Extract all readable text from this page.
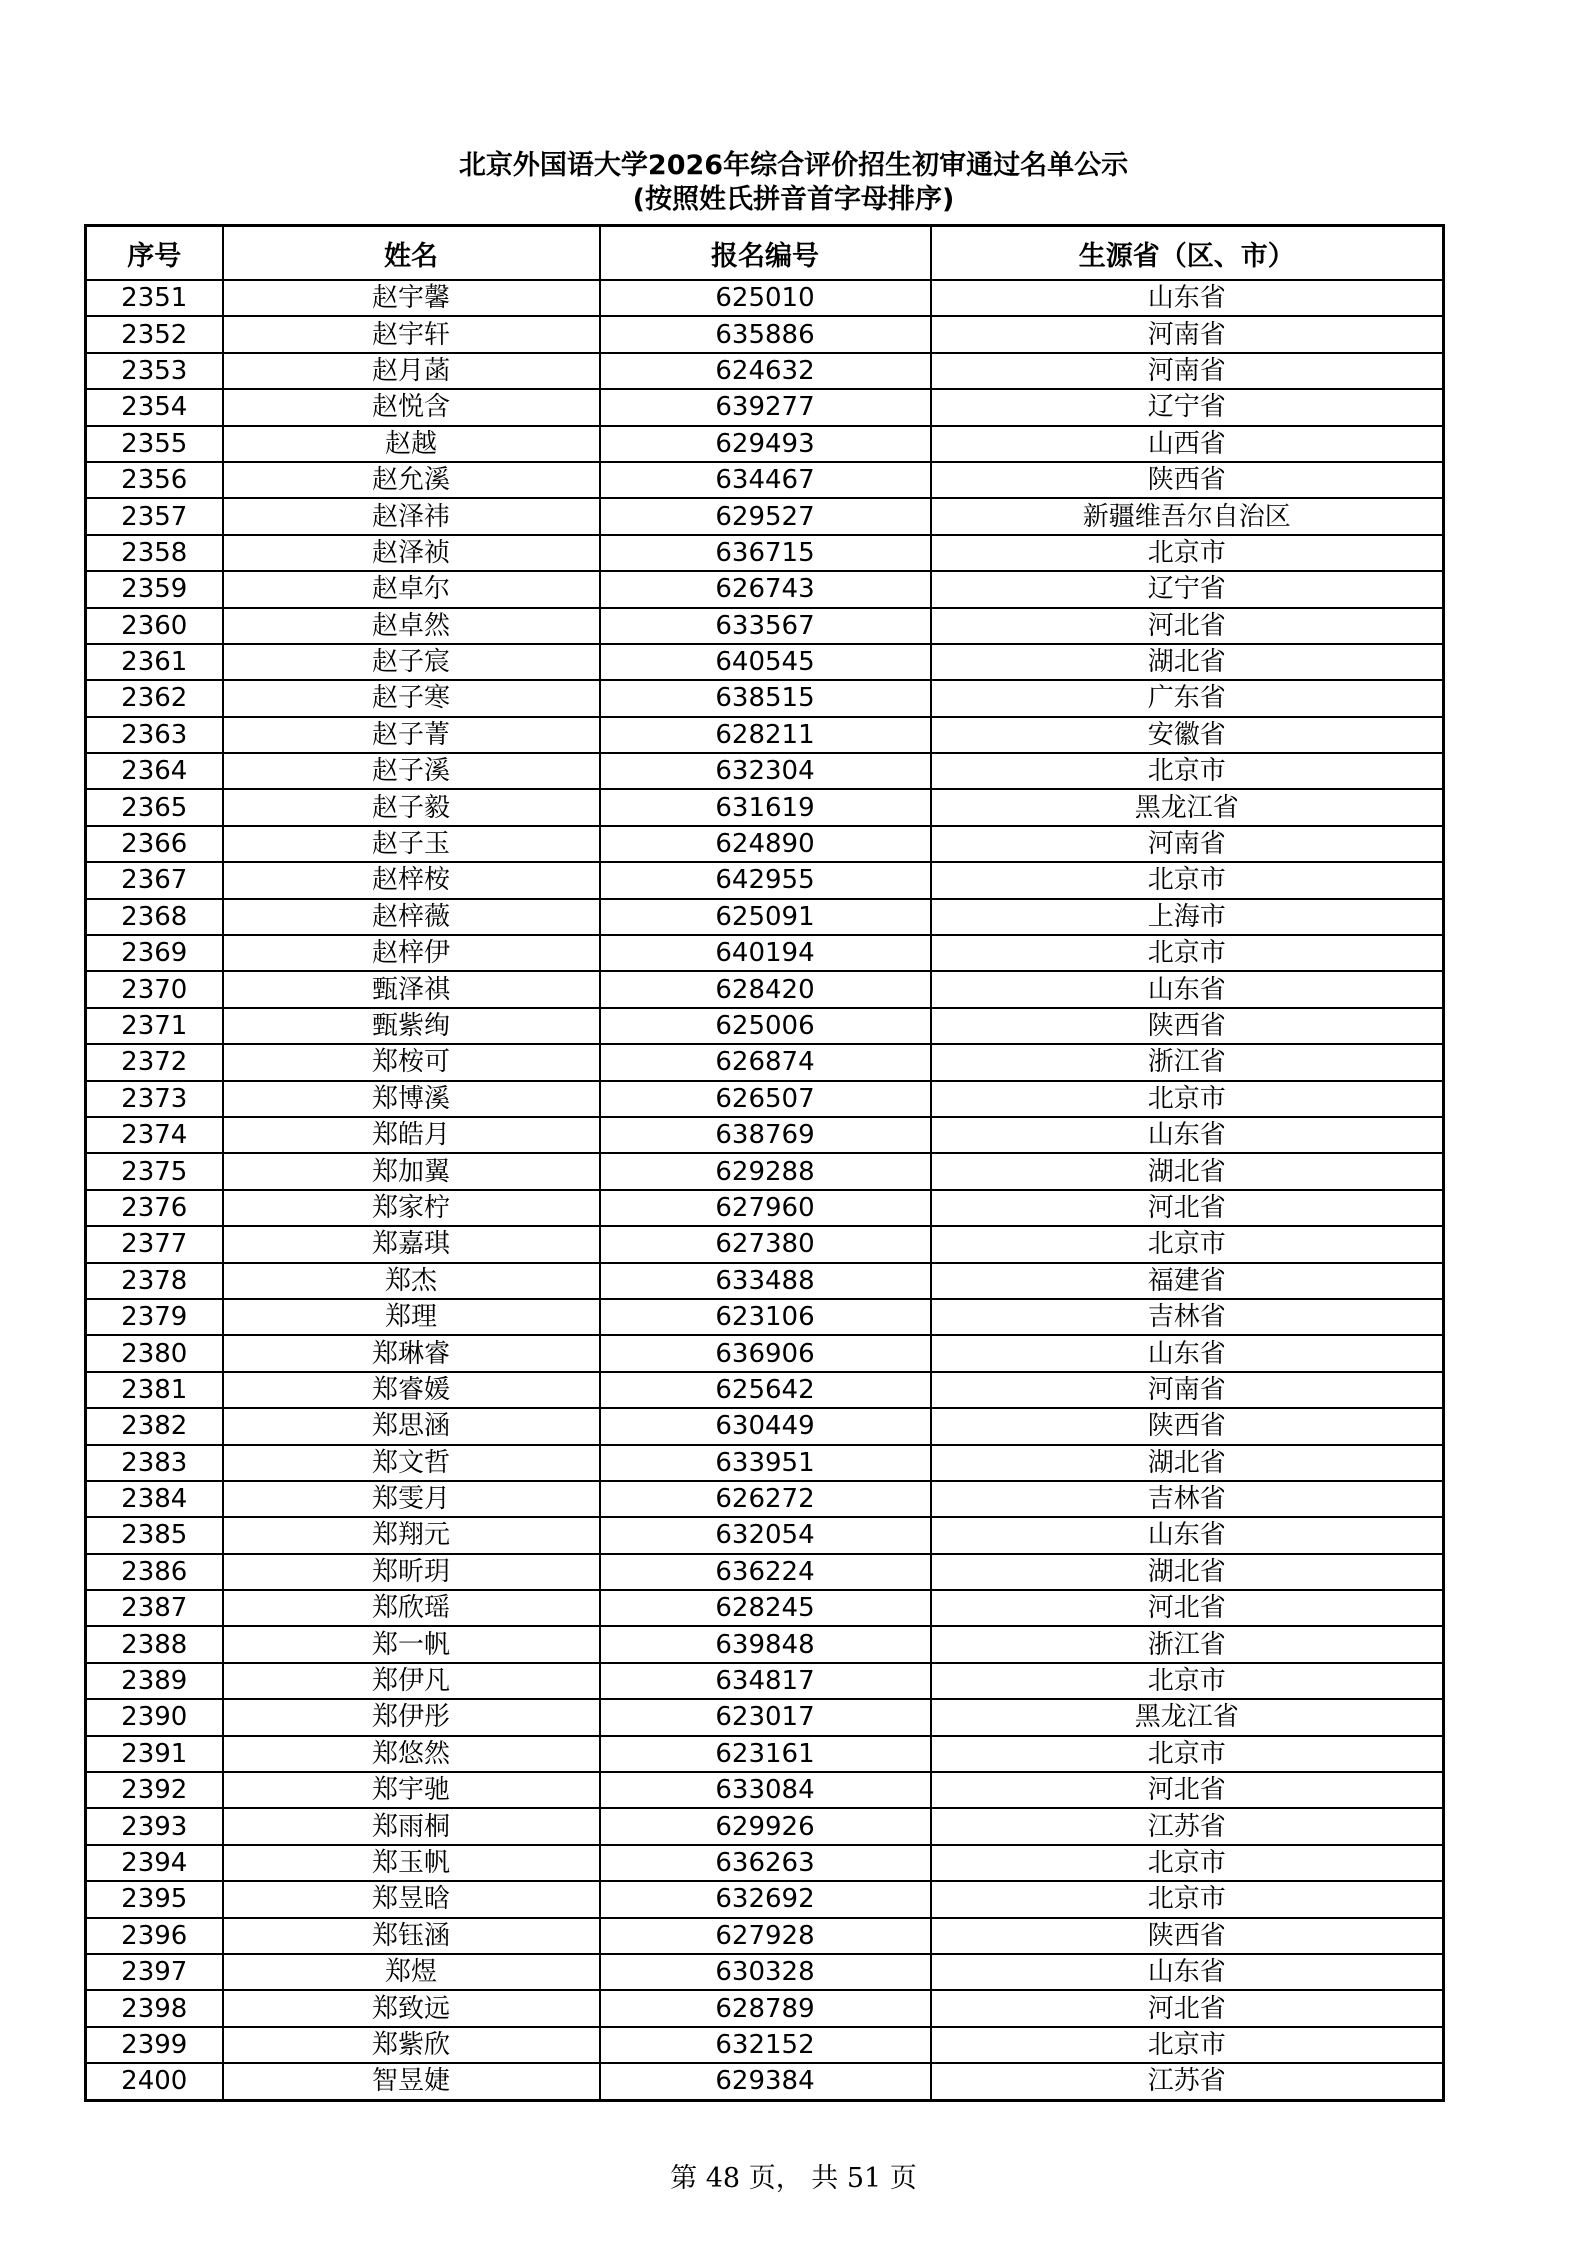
北京外国语大学2026年综合评价招生初审通过名单公示
(按照姓氏拼音首字母排序)
序号	姓名	报名编号	生源省（区、市）
2351	赵宇馨	625010	山东省
2352	赵宇轩	635886	河南省
2353	赵月菡	624632	河南省
2354	赵悦含	639277	辽宁省
2355	赵越	629493	山西省
2356	赵允溪	634467	陕西省
2357	赵泽祎	629527	新疆维吾尔自治区
2358	赵泽祯	636715	北京市
2359	赵卓尔	626743	辽宁省
2360	赵卓然	633567	河北省
2361	赵子宸	640545	湖北省
2362	赵子寒	638515	广东省
2363	赵子菁	628211	安徽省
2364	赵子溪	632304	北京市
2365	赵子毅	631619	黑龙江省
2366	赵子玉	624890	河南省
2367	赵梓桉	642955	北京市
2368	赵梓薇	625091	上海市
2369	赵梓伊	640194	北京市
2370	甄泽祺	628420	山东省
2371	甄紫绚	625006	陕西省
2372	郑桉可	626874	浙江省
2373	郑博溪	626507	北京市
2374	郑皓月	638769	山东省
2375	郑加翼	629288	湖北省
2376	郑家柠	627960	河北省
2377	郑嘉琪	627380	北京市
2378	郑杰	633488	福建省
2379	郑理	623106	吉林省
2380	郑琳睿	636906	山东省
2381	郑睿媛	625642	河南省
2382	郑思涵	630449	陕西省
2383	郑文哲	633951	湖北省
2384	郑雯月	626272	吉林省
2385	郑翔元	632054	山东省
2386	郑昕玥	636224	湖北省
2387	郑欣瑶	628245	河北省
2388	郑一帆	639848	浙江省
2389	郑伊凡	634817	北京市
2390	郑伊彤	623017	黑龙江省
2391	郑悠然	623161	北京市
2392	郑宇驰	633084	河北省
2393	郑雨桐	629926	江苏省
2394	郑玉帆	636263	北京市
2395	郑昱晗	632692	北京市
2396	郑钰涵	627928	陕西省
2397	郑煜	630328	山东省
2398	郑致远	628789	河北省
2399	郑紫欣	632152	北京市
2400	智昱婕	629384	江苏省
第 48 页， 共 51 页
